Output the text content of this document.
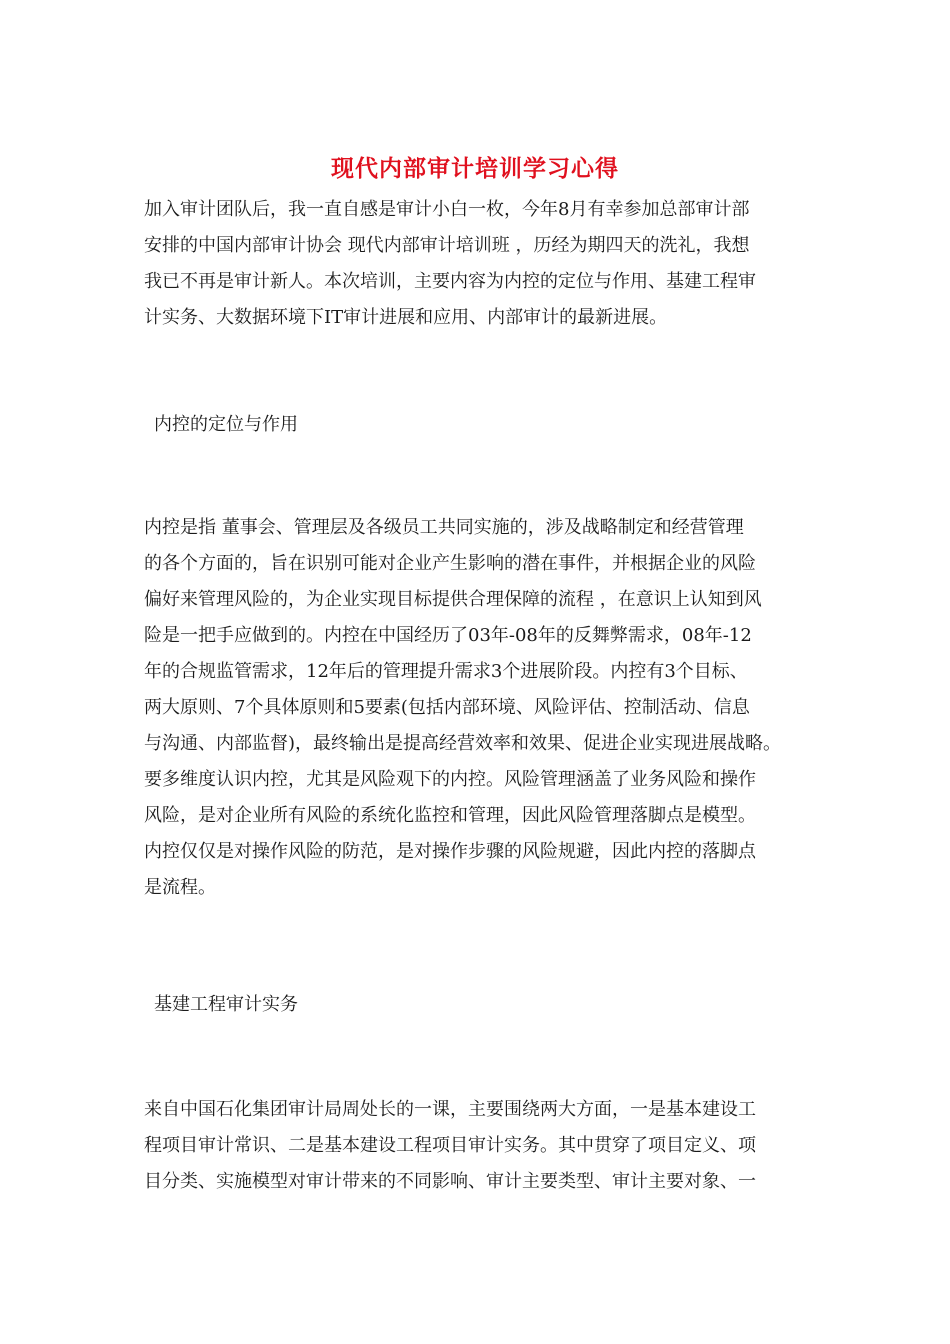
现代内部审计培训学习心得
加入审计团队后，我一直自感是审计小白一枚，今年8月有幸参加总部审计部
安排的中国内部审计协会 现代内部审计培训班 ，历经为期四天的洗礼，我想
我已不再是审计新人。本次培训，主要内容为内控的定位与作用、基建工程审
计实务、大数据环境下IT审计进展和应用、内部审计的最新进展。
内控的定位与作用
内控是指 董事会、管理层及各级员工共同实施的，涉及战略制定和经营管理
的各个方面的，旨在识别可能对企业产生影响的潜在事件，并根据企业的风险
偏好来管理风险的，为企业实现目标提供合理保障的流程 ，在意识上认知到风
险是一把手应做到的。内控在中国经历了03年-08年的反舞弊需求，08年-12
年的合规监管需求，12年后的管理提升需求3个进展阶段。内控有3个目标、
两大原则、7个具体原则和5要素(包括内部环境、风险评估、控制活动、信息
与沟通、内部监督)，最终输出是提高经营效率和效果、促进企业实现进展战略。
要多维度认识内控，尤其是风险观下的内控。风险管理涵盖了业务风险和操作
风险，是对企业所有风险的系统化监控和管理，因此风险管理落脚点是模型。
内控仅仅是对操作风险的防范，是对操作步骤的风险规避，因此内控的落脚点
是流程。
基建工程审计实务
来自中国石化集团审计局周处长的一课，主要围绕两大方面，一是基本建设工
程项目审计常识、二是基本建设工程项目审计实务。其中贯穿了项目定义、项
目分类、实施模型对审计带来的不同影响、审计主要类型、审计主要对象、一
